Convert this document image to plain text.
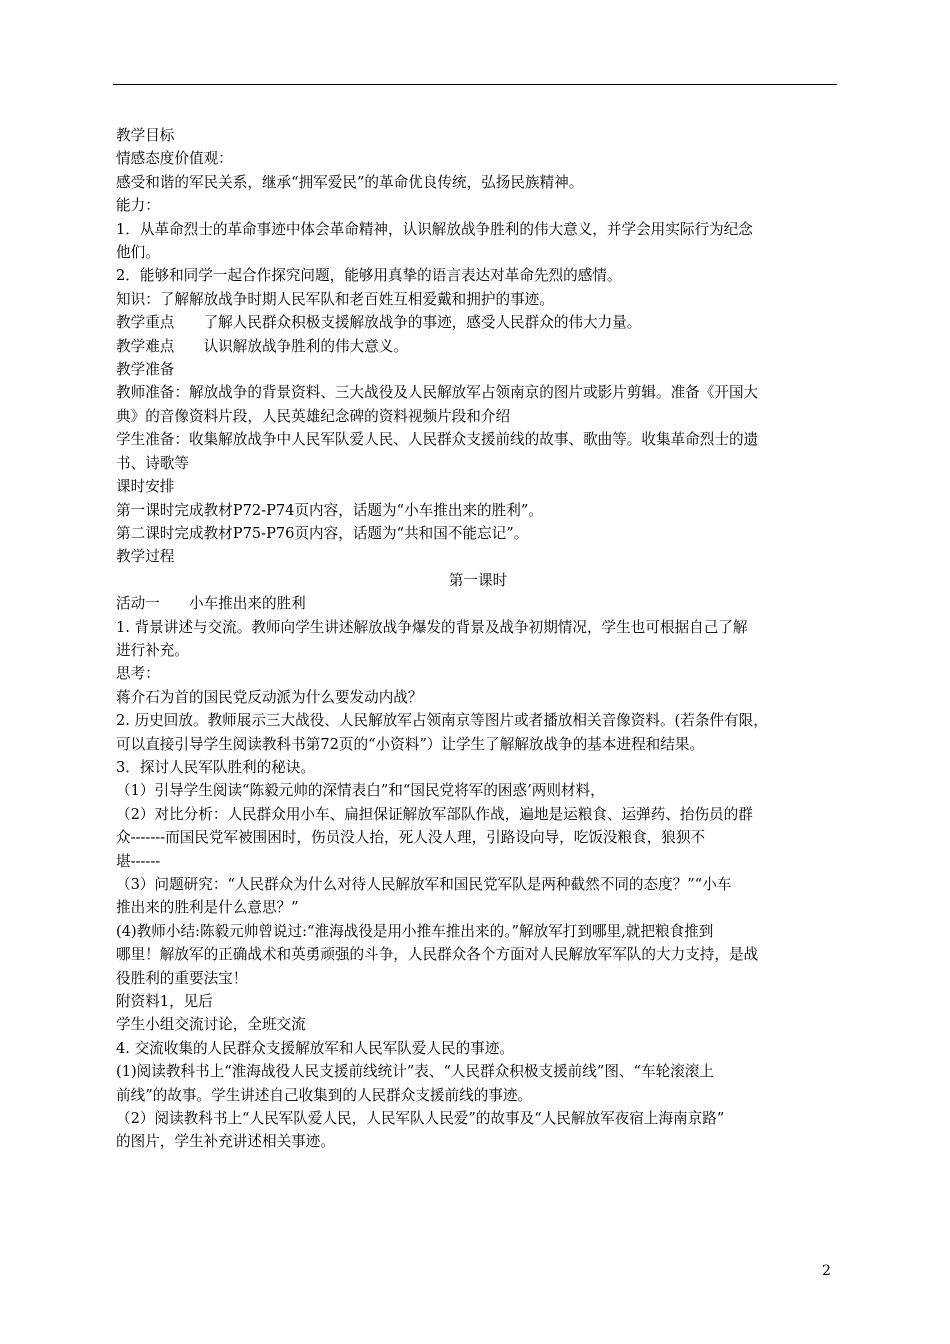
教学目标

情感态度价值观：

感受和谐的军民关系，继承“拥军爱民”的革命优良传统，弘扬民族精神。

能力：

1．从革命烈士的革命事迹中体会革命精神，认识解放战争胜利的伟大意义，并学会用实际行为纪念

他们。

2．能够和同学一起合作探究问题，能够用真挚的语言表达对革命先烈的感情。

知识：了解解放战争时期人民军队和老百姓互相爱戴和拥护的事迹。

教学重点　　了解人民群众积极支援解放战争的事迹，感受人民群众的伟大力量。

教学难点　　认识解放战争胜利的伟大意义。

教学准备

教师准备：解放战争的背景资料、三大战役及人民解放军占领南京的图片或影片剪辑。准备《开国大

典》的音像资料片段，人民英雄纪念碑的资料视频片段和介绍

学生准备：收集解放战争中人民军队爱人民、人民群众支援前线的故事、歌曲等。收集革命烈士的遗

书、诗歌等

课时安排

第一课时完成教材P72-P74页内容，话题为“小车推出来的胜利”。

第二课时完成教材P75-P76页内容，话题为“共和国不能忘记”。

教学过程

第一课时

活动一　　小车推出来的胜利

1. 背景讲述与交流。教师向学生讲述解放战争爆发的背景及战争初期情况，学生也可根据自己了解

进行补充。

思考：

蒋介石为首的国民党反动派为什么要发动内战？

2. 历史回放。教师展示三大战役、人民解放军占领南京等图片或者播放相关音像资料。(若条件有限，

可以直接引导学生阅读教科书第72页的“小资料”）让学生了解解放战争的基本进程和结果。

3．探讨人民军队胜利的秘诀。

（1）引导学生阅读“陈毅元帅的深情表白”和“国民党将军的困惑’两则材料，

（2）对比分析：人民群众用小车、扁担保证解放军部队作战，遍地是运粮食、运弹药、抬伤员的群

众-------而国民党军被围困时，伤员没人抬，死人没人理，引路设向导，吃饭没粮食，狼狈不

堪------

（3）问题研究：“人民群众为什么对待人民解放军和国民党军队是两种截然不同的态度？”“小车

推出来的胜利是什么意思？”

(4)教师小结:陈毅元帅曾说过:“淮海战役是用小推车推出来的。”解放军打到哪里,就把粮食推到

哪里！解放军的正确战术和英勇顽强的斗争，人民群众各个方面对人民解放军军队的大力支持，是战

役胜利的重要法宝！

附资料1，见后

学生小组交流讨论，全班交流

4. 交流收集的人民群众支援解放军和人民军队爱人民的事迹。

(1)阅读教科书上“淮海战役人民支援前线统计”表、“人民群众积极支援前线”图、“车轮滚滚上

前线”的故事。学生讲述自己收集到的人民群众支援前线的事迹。

（2）阅读教科书上“人民军队爱人民，人民军队人民爱”的故事及“人民解放军夜宿上海南京路”

的图片，学生补充讲述相关事迹。

2
